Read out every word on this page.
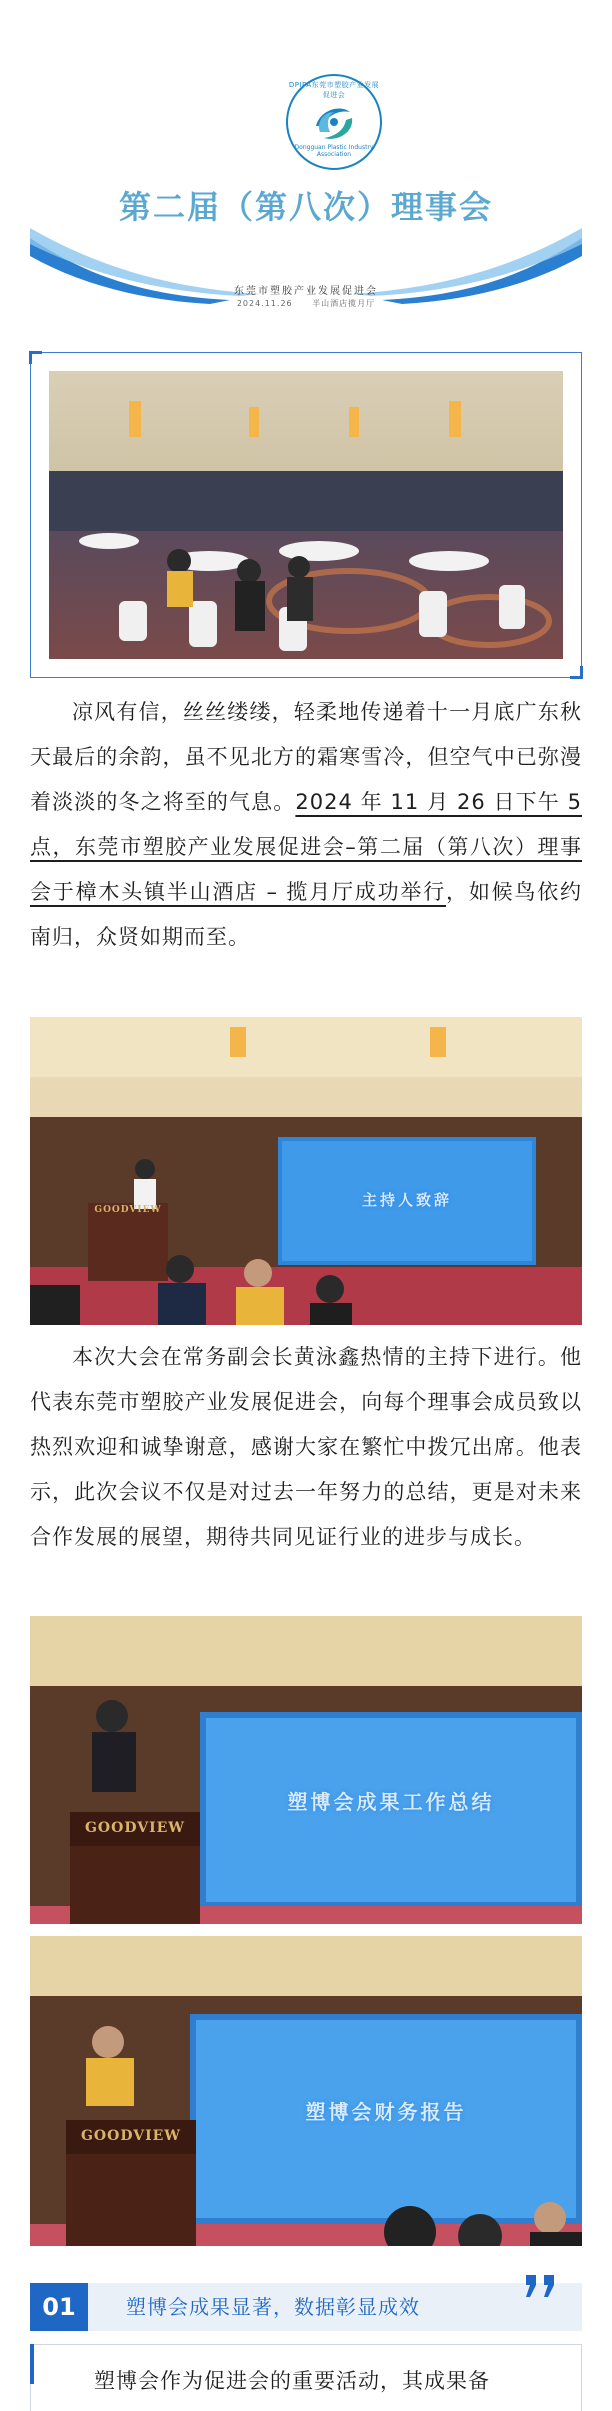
DPIPA东莞市塑胶产业发展促进会
Dongguan Plastic Industry Association
第二届（第八次）理事会
东莞市塑胶产业发展促进会
2024.11.26 半山酒店揽月厅
凉风有信，丝丝缕缕，轻柔地传递着十一月底广东秋天最后的余韵，虽不见北方的霜寒雪冷，但空气中已弥漫着淡淡的冬之将至的气息。2024 年 11 月 26 日下午 5 点，东莞市塑胶产业发展促进会–第二届（第八次）理事会于樟木头镇半山酒店 – 揽月厅成功举行，如候鸟依约南归，众贤如期而至。
主持人致辞
GOODVIEW
本次大会在常务副会长黄泳鑫热情的主持下进行。他代表东莞市塑胶产业发展促进会，向每个理事会成员致以热烈欢迎和诚挚谢意，感谢大家在繁忙中拨冗出席。他表示，此次会议不仅是对过去一年努力的总结，更是对未来合作发展的展望，期待共同见证行业的进步与成长。
塑博会成果工作总结
GOODVIEW
塑博会财务报告
GOODVIEW
01	塑博会成果显著，数据彰显成效
塑博会作为促进会的重要活动，其成果备
